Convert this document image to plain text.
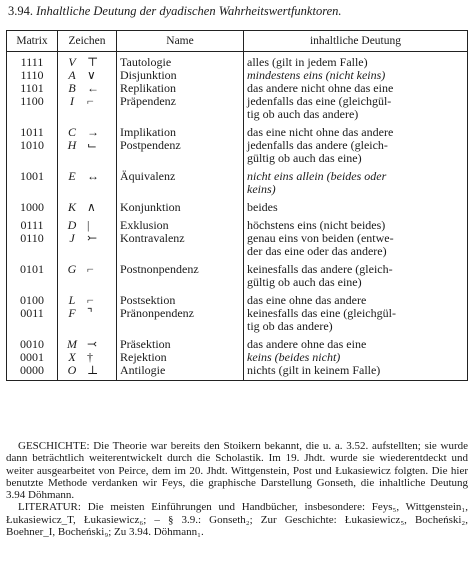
3.94. Inhaltliche Deutung der dyadischen Wahrheitswertfunktoren.
Matrix	Zeichen		Name	inhaltliche Deutung
1111	V	⊤	Tautologie	alles (gilt in jedem Falle)

1110	A	∨	Disjunktion	mindestens eins (nicht keins)

1101	B	←	Replikation	das andere nicht ohne das eine

1100	I	⌐	Präpendenz	jedenfalls das eine (gleichgül-
tig ob auch das andere)

1011	C	→	Implikation	das eine nicht ohne das andere

1010	H	⌙	Postpendenz	jedenfalls das andere (gleich-
gültig ob auch das eine)

1001	E	↔	Äquivalenz	nicht eins allein (beides oder
keins)

1000	K	∧	Konjunktion	beides

0111	D	|	Exklusion	höchstens eins (nicht beides)

0110	J	⤚	Kontravalenz	genau eins von beiden (entwe-
der das eine oder das andere)

0101	G	⌐	Postnonpendenz	keinesfalls das andere (gleich-
gültig ob auch das eine)

0100	L	⌐	Postsektion	das eine ohne das andere

0011	F	⌝	Pränonpendenz	keinesfalls das eine (gleichgül-
tig ob das andere)

0010	M	⤙	Präsektion	das andere ohne das eine

0001	X	†	Rejektion	keins (beides nicht)

0000	O	⊥	Antilogie	nichts (gilt in keinem Falle)

GESCHICHTE: Die Theorie war bereits den Stoikern bekannt, die u. a. 3.52. aufstellten; sie wurde dann beträchtlich weiterentwickelt durch die Scholastik. Im 19. Jhdt. wurde sie wiederentdeckt und weiter ausgearbeitet von Peirce, dem im 20. Jhdt. Wittgenstein, Post und Łukasiewicz folgten. Die hier benutzte Methode verdanken wir Feys, die graphische Darstellung Gonseth, die inhaltliche Deutung 3.94 Döhmann.

LITERATUR: Die meisten Einführungen und Handbücher, insbesondere: Feys₅, Wittgenstein₁, Łukasiewicz_T, Łukasiewicz₆; – § 3.9.: Gonseth₂; Zur Geschichte: Łukasiewicz₅, Bocheński₂, Boehner_I, Bocheński₉; Zu 3.94. Döhmann₁.
